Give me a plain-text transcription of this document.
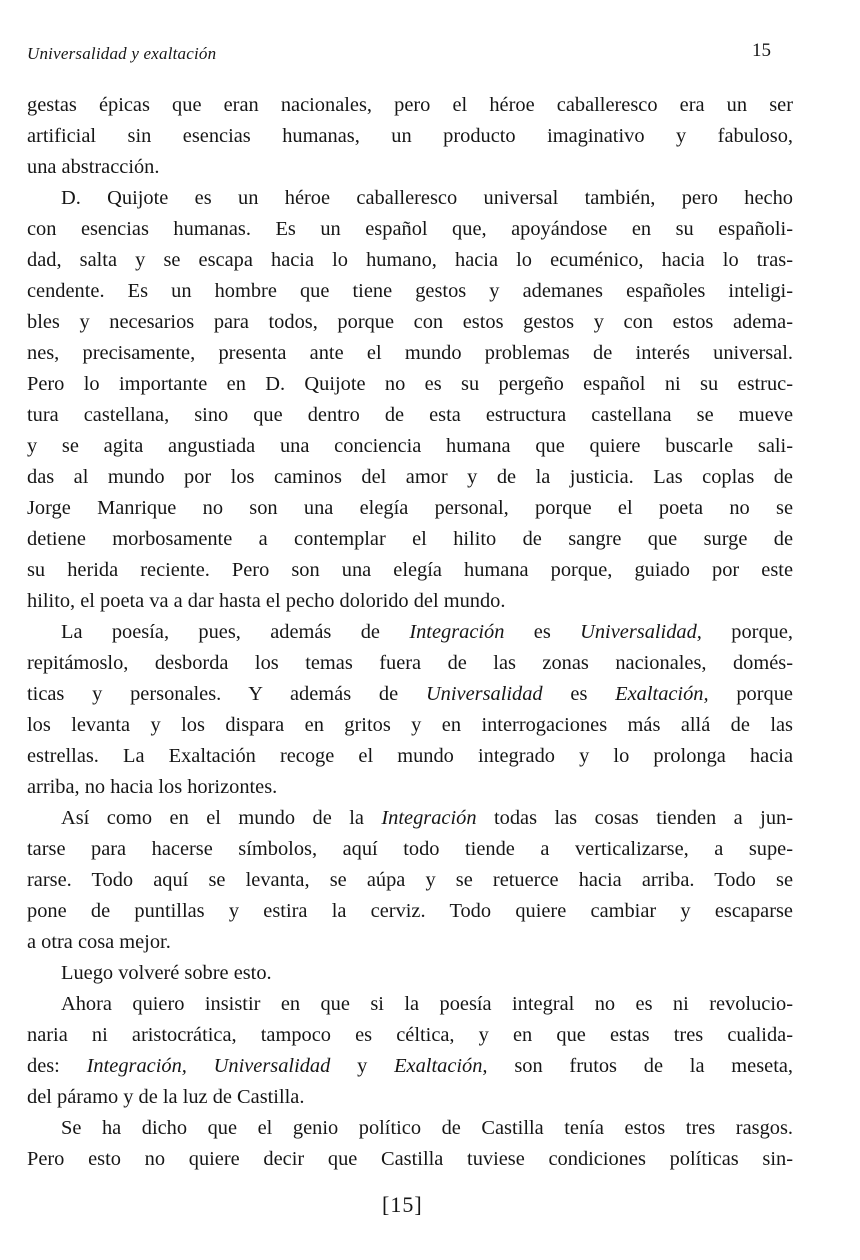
Universalidad y exaltación	15
gestas épicas que eran nacionales, pero el héroe caballeresco era un ser
artificial sin esencias humanas, un producto imaginativo y fabuloso,
una abstracción.
D. Quijote es un héroe caballeresco universal también, pero hecho
con esencias humanas. Es un español que, apoyándose en su españoli-
dad, salta y se escapa hacia lo humano, hacia lo ecuménico, hacia lo tras-
cendente. Es un hombre que tiene gestos y ademanes españoles inteligi-
bles y necesarios para todos, porque con estos gestos y con estos adema-
nes, precisamente, presenta ante el mundo problemas de interés universal.
Pero lo importante en D. Quijote no es su pergeño español ni su estruc-
tura castellana, sino que dentro de esta estructura castellana se mueve
y se agita angustiada una conciencia humana que quiere buscarle sali-
das al mundo por los caminos del amor y de la justicia. Las coplas de
Jorge Manrique no son una elegía personal, porque el poeta no se
detiene morbosamente a contemplar el hilito de sangre que surge de
su herida reciente. Pero son una elegía humana porque, guiado por este
hilito, el poeta va a dar hasta el pecho dolorido del mundo.
La poesía, pues, además de Integración es Universalidad, porque,
repitámoslo, desborda los temas fuera de las zonas nacionales, domés-
ticas y personales. Y además de Universalidad es Exaltación, porque
los levanta y los dispara en gritos y en interrogaciones más allá de las
estrellas. La Exaltación recoge el mundo integrado y lo prolonga hacia
arriba, no hacia los horizontes.
Así como en el mundo de la Integración todas las cosas tienden a jun-
tarse para hacerse símbolos, aquí todo tiende a verticalizarse, a supe-
rarse. Todo aquí se levanta, se aúpa y se retuerce hacia arriba. Todo se
pone de puntillas y estira la cerviz. Todo quiere cambiar y escaparse
a otra cosa mejor.
Luego volveré sobre esto.
Ahora quiero insistir en que si la poesía integral no es ni revolucio-
naria ni aristocrática, tampoco es céltica, y en que estas tres cualida-
des: Integración, Universalidad y Exaltación, son frutos de la meseta,
del páramo y de la luz de Castilla.
Se ha dicho que el genio político de Castilla tenía estos tres rasgos.
Pero esto no quiere decir que Castilla tuviese condiciones políticas sin-
[15]
